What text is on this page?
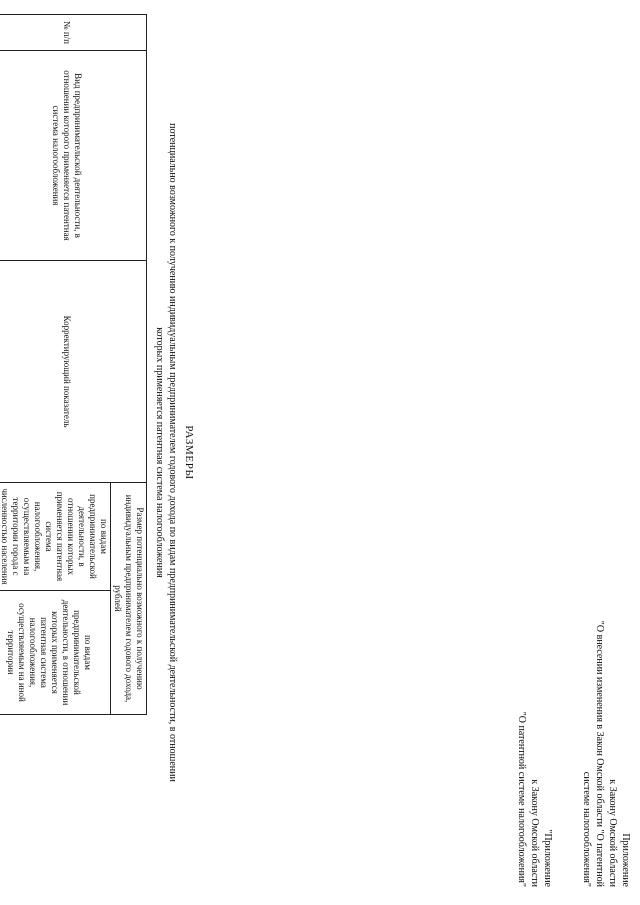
Приложение
к Закону Омской области
"О внесении изменения в Закон Омской области "О патентной
системе налогообложения"
"Приложение
к Закону Омской области
"О патентной системе налогообложения"
РАЗМЕРЫ
потенциально возможного к получению индивидуальным предпринимателем годового дохода по видам предпринимательской деятельности, в отношении
которых применяется патентная система налогообложения
№ п/п	Вид предпринимательской деятельности, в отношении которого применяется патентная система налогообложения	Корректирующий показатель	Размер потенциально возможного к получению индивидуальным предпринимателем годового дохода, рублей	
			по видам предпринимательской деятельности, в отношении которых применяется патентная система налогообложения, осуществляемым на территории города с численностью населения	по видам предпринимательской деятельности, в отношении которых применяется патентная система налогообложения, осуществляемым на иной территории
